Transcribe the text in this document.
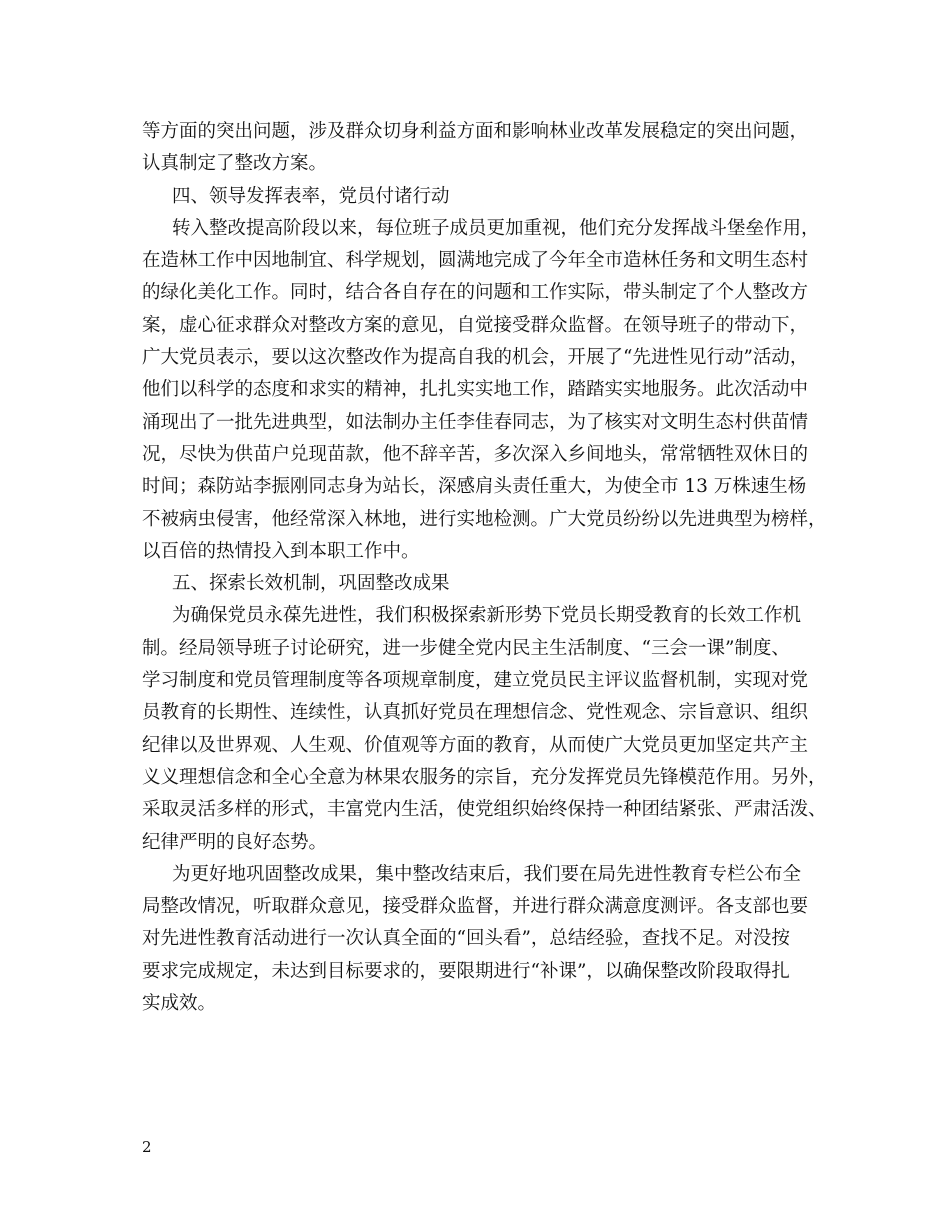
等方面的突出问题，涉及群众切身利益方面和影响林业改革发展稳定的突出问题，
认真制定了整改方案。
四、领导发挥表率，党员付诸行动
转入整改提高阶段以来，每位班子成员更加重视，他们充分发挥战斗堡垒作用，
在造林工作中因地制宜、科学规划，圆满地完成了今年全市造林任务和文明生态村
的绿化美化工作。同时，结合各自存在的问题和工作实际，带头制定了个人整改方
案，虚心征求群众对整改方案的意见，自觉接受群众监督。在领导班子的带动下，
广大党员表示，要以这次整改作为提高自我的机会，开展了“先进性见行动”活动，
他们以科学的态度和求实的精神，扎扎实实地工作，踏踏实实地服务。此次活动中
涌现出了一批先进典型，如法制办主任李佳春同志，为了核实对文明生态村供苗情
况，尽快为供苗户兑现苗款，他不辞辛苦，多次深入乡间地头，常常牺牲双休日的
时间；森防站李振刚同志身为站长，深感肩头责任重大，为使全市 13 万株速生杨
不被病虫侵害，他经常深入林地，进行实地检测。广大党员纷纷以先进典型为榜样，
以百倍的热情投入到本职工作中。
五、探索长效机制，巩固整改成果
为确保党员永葆先进性，我们积极探索新形势下党员长期受教育的长效工作机
制。经局领导班子讨论研究，进一步健全党内民主生活制度、“三会一课”制度、
学习制度和党员管理制度等各项规章制度，建立党员民主评议监督机制，实现对党
员教育的长期性、连续性，认真抓好党员在理想信念、党性观念、宗旨意识、组织
纪律以及世界观、人生观、价值观等方面的教育，从而使广大党员更加坚定共产主
义义理想信念和全心全意为林果农服务的宗旨，充分发挥党员先锋模范作用。另外，
采取灵活多样的形式，丰富党内生活，使党组织始终保持一种团结紧张、严肃活泼、
纪律严明的良好态势。
为更好地巩固整改成果，集中整改结束后，我们要在局先进性教育专栏公布全
局整改情况，听取群众意见，接受群众监督，并进行群众满意度测评。各支部也要
对先进性教育活动进行一次认真全面的“回头看”，总结经验，查找不足。对没按
要求完成规定，未达到目标要求的，要限期进行“补课”，以确保整改阶段取得扎
实成效。
2
